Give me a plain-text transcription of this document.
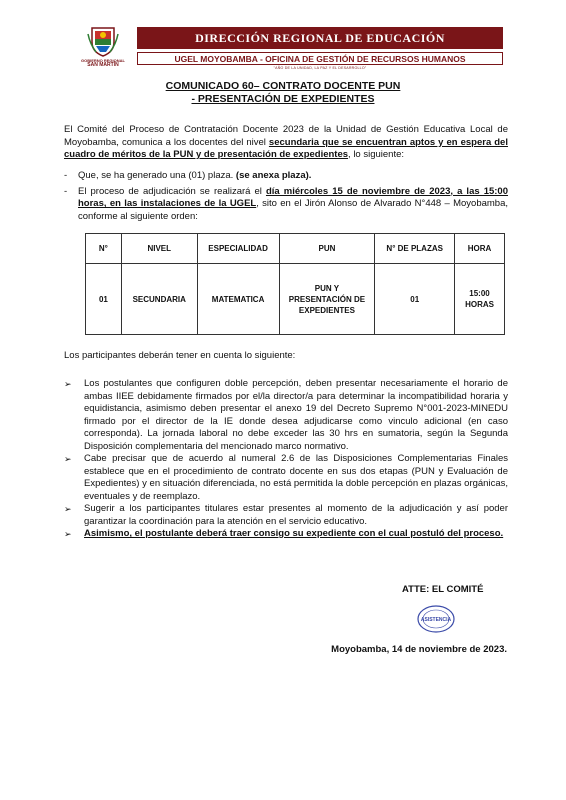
GOBIERNO REGIONAL
SAN MARTÍN
DIRECCIÓN REGIONAL DE EDUCACIÓN
UGEL MOYOBAMBA - OFICINA DE GESTIÓN DE RECURSOS HUMANOS
"AÑO DE LA UNIDAD, LA PAZ Y EL DESARROLLO"
COMUNICADO 60– CONTRATO DOCENTE PUN
- PRESENTACIÓN DE EXPEDIENTES

El Comité del Proceso de Contratación Docente 2023 de la Unidad de Gestión Educativa Local de Moyobamba, comunica a los docentes del nivel secundaria que se encuentran aptos y en espera del cuadro de méritos de la PUN y de presentación de expedientes, lo siguiente:

-	Que, se ha generado una (01) plaza. (se anexa plaza).
-	El proceso de adjudicación se realizará el día miércoles 15 de noviembre de 2023, a las 15:00 horas, en las instalaciones de la UGEL, sito en el Jirón Alonso de Alvarado N°448 – Moyobamba, conforme al siguiente orden:
N°	NIVEL	ESPECIALIDAD	PUN	N° DE PLAZAS	HORA
01	SECUNDARIA	MATEMATICA	PUN Y PRESENTACIÓN DE EXPEDIENTES	01	15:00 HORAS
Los participantes deberán tener en cuenta lo siguiente:
➢	Los postulantes que configuren doble percepción, deben presentar necesariamente el horario de ambas IIEE debidamente firmados por el/la director/a para determinar la incompatibilidad horaria y equidistancia, asimismo deben presentar el anexo 19 del Decreto Supremo N°001-2023-MINEDU firmado por el director de la IE donde desea adjudicarse como vinculo adicional (en caso corresponda). La jornada laboral no debe exceder las 30 hrs en sumatoria, según la Segunda Disposición complementaria del mencionado marco normativo.
➢	Cabe precisar que de acuerdo al numeral 2.6 de las Disposiciones Complementarias Finales establece que en el procedimiento de contrato docente en sus dos etapas (PUN y Evaluación de Expedientes) y en situación diferenciada, no está permitida la doble percepción en plazas orgánicas, eventuales y de reemplazo.
➢	Sugerir a los participantes titulares estar presentes al momento de la adjudicación y así poder garantizar la coordinación para la atención en el servicio educativo.
➢	Asimismo, el postulante deberá traer consigo su expediente con el cual postuló del proceso.
ATTE: EL COMITÉ
ASISTENCIA
Moyobamba, 14 de noviembre de 2023.
